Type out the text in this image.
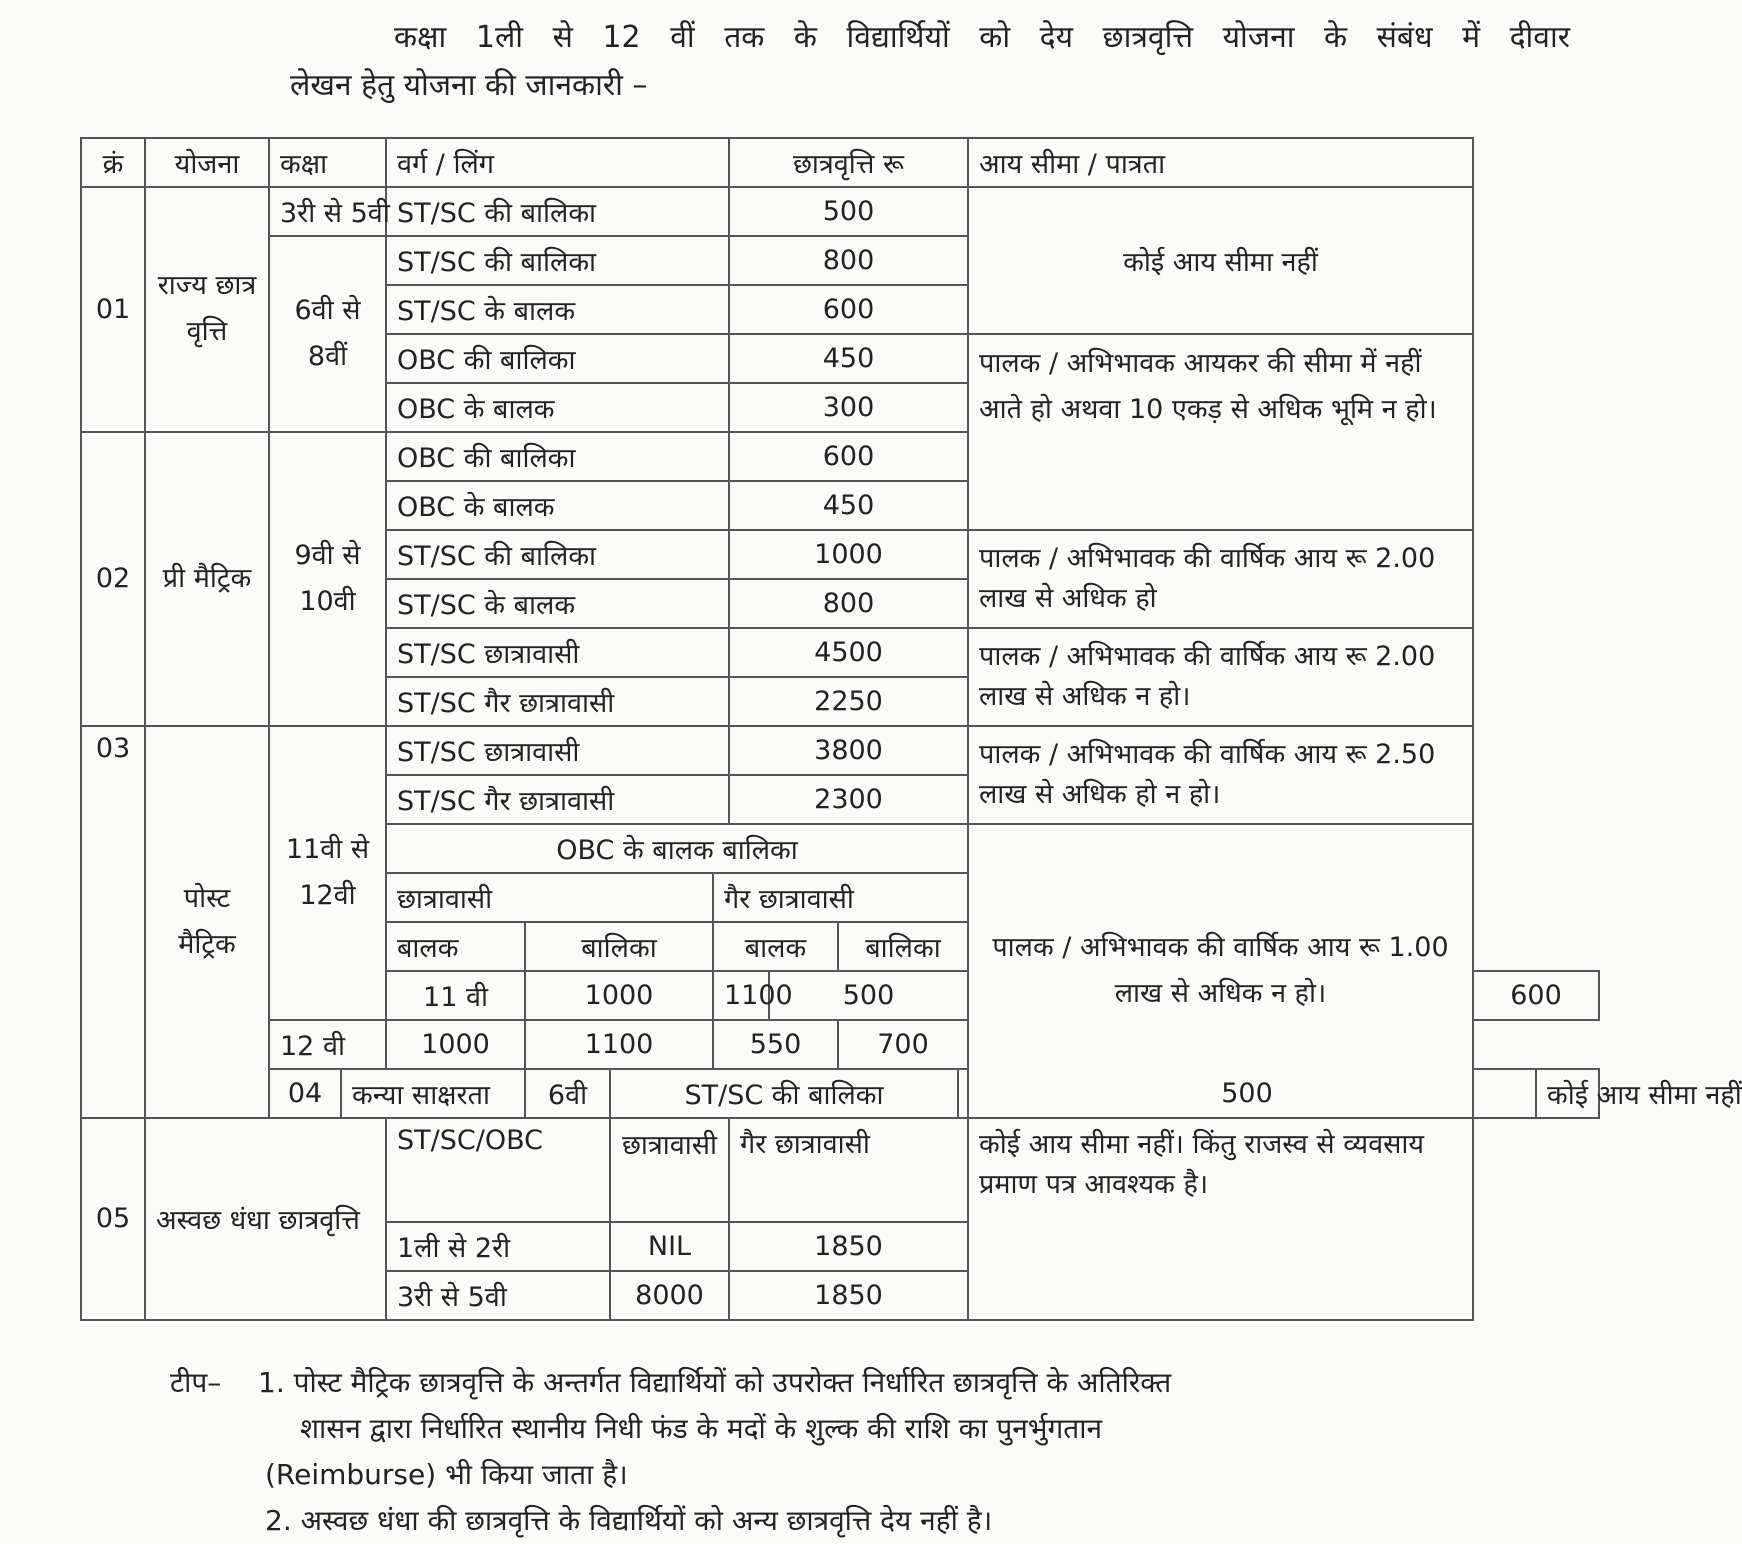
कक्षा 1ली से 12 वीं तक के विद्यार्थियों को देय छात्रवृत्ति योजना के संबंध में दीवार
लेखन हेतु योजना की जानकारी –
क्रं	योजना	कक्षा		वर्ग / लिंग				छात्रवृत्ति रू				आय सीमा / पात्रता		
01	राज्य छात्र वृत्ति	3री से 5वी		ST/SC की बालिका				500				कोई आय सीमा नहीं		
		6वी से 8वीं		ST/SC की बालिका				800						
				ST/SC के बालक				600						
				OBC की बालिका				450				पालक / अभिभावक आयकर की सीमा में नहीं आते हो अथवा 10 एकड़ से अधिक भूमि न हो।		
				OBC के बालक				300						
02	प्री मैट्रिक	9वी से 10वी		OBC की बालिका				600						
				OBC के बालक				450						
				ST/SC की बालिका				1000				पालक / अभिभावक की वार्षिक आय रू 2.00 लाख से अधिक हो		
				ST/SC के बालक				800						
				ST/SC छात्रावासी				4500				पालक / अभिभावक की वार्षिक आय रू 2.00 लाख से अधिक न हो।		
				ST/SC गैर छात्रावासी				2250						
03	पोस्ट मैट्रिक	11वी से 12वी		ST/SC छात्रावासी				3800				पालक / अभिभावक की वार्षिक आय रू 2.50 लाख से अधिक हो न हो।		
				ST/SC गैर छात्रावासी				2300						
				OBC के बालक बालिका								पालक / अभिभावक की वार्षिक आय रू 1.00 लाख से अधिक न हो।		
				छात्रावासी			गैर छात्रावासी							
				बालक	बालिका		बालक			बालिका				
				11 वी	1000		1100		500				600	
		12 वी		1000	1100		550			700				
		04	कन्या साक्षरता		6वी	ST/SC की बालिका					500			कोई आय सीमा नहीं
05	अस्वछ धंधा छात्रवृत्ति			ST/SC/OBC		छात्रावासी		गैर छात्रावासी				कोई आय सीमा नहीं। किंतु राजस्व से व्यवसाय प्रमाण पत्र आवश्यक है।		
				1ली से 2री		NIL		1850						
				3री से 5वी		8000		1850						
टीप–	1. पोस्ट मैट्रिक छात्रवृत्ति के अन्तर्गत विद्यार्थियों को उपरोक्त निर्धारित छात्रवृत्ति के अतिरिक्त
शासन द्वारा निर्धारित स्थानीय निधी फंड के मदों के शुल्क की राशि का पुनर्भुगतान
(Reimburse) भी किया जाता है।
2. अस्वछ धंधा की छात्रवृत्ति के विद्यार्थियों को अन्य छात्रवृत्ति देय नहीं है।
